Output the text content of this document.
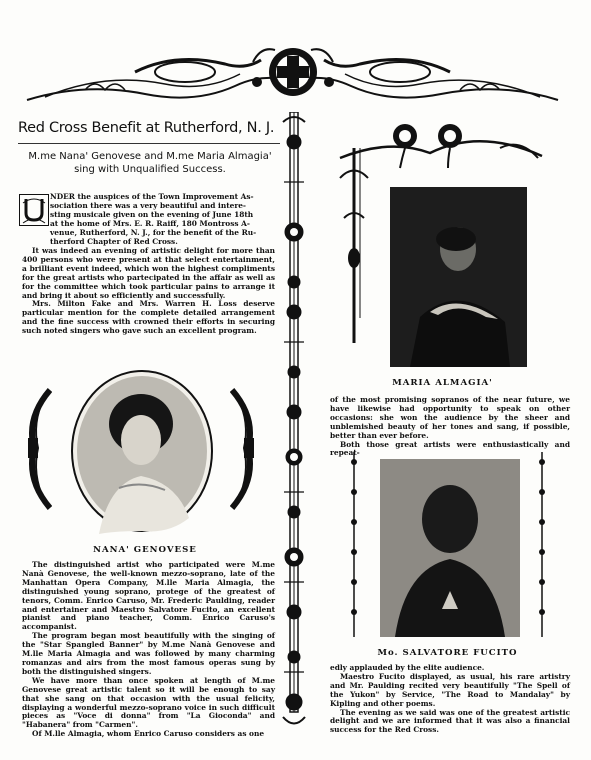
Red Cross Benefit at Rutherford, N. J.
M.me Nana' Genovese and M.me Maria Almagia'
sing with Unqualified Success.
NDER the auspices of the Town Improvement As-
sociation there was a very beautiful and intere-
sting musicale given on the evening of June 18th
at the home of Mrs. E. R. Raiff, 180 Montross A-
venue, Rutherford, N. J., for the benefit of the Ru-
therford Chapter of Red Cross.

It was indeed an evening of artistic delight for more than 400 persons who were present at that select entertainment, a brilliant event indeed, which won the highest compliments for the great artists who partecipated in the affair as well as for the committee which took particular pains to arrange it and bring it about so efficiently and successfully.

Mrs. Milton Fake and Mrs. Warren H. Loss deserve particular mention for the complete detailed arrangement and the fine success with crowned their efforts in securing such noted singers who gave such an excellent program.

NANA' GENOVESE

The distinguished artist who participated were M.me Nanà Genovese, the well-known mezzo-soprano, late of the Manhattan Opera Company, M.lle Maria Almagia, the distinguished young soprano, protege of the greatest of tenors, Comm. Enrico Caruso, Mr. Frederic Paulding, reader and entertainer and Maestro Salvatore Fucito, an excellent pianist and piano teacher, Comm. Enrico Caruso's accompanist.

The program began most beautifully with the singing of the "Star Spangled Banner" by M.me Nanà Genovese and M.lle Maria Almagia and was followed by many charming romanzas and airs from the most famous operas sung by both the distinguished singers.

We have more than once spoken at length of M.me Genovese great artistic talent so it will be enough to say that she sang on that occasion with the usual felicity, displaying a wonderful mezzo-soprano voice in such difficult pieces as "Voce di donna" from "La Gioconda" and "Habanera" from "Carmen".

Of M.lle Almagia, whom Enrico Caruso considers as one

MARIA ALMAGIA'

of the most promising sopranos of the near future, we have likewise had opportunity to speak on other occasions: she won the audience by the sheer and unblemished beauty of her tones and sang, if possible, better than ever before.

Both those great artists were enthusiastically and repeat-

Mo. SALVATORE FUCITO

edly applauded by the elite audience.

Maestro Fucito displayed, as usual, his rare artistry and Mr. Paulding recited very beautifully "The Spell of the Yukon" by Service, "The Road to Mandalay" by Kipling and other poems.

The evening as we said was one of the greatest artistic delight and we are informed that it was also a financial success for the Red Cross.
